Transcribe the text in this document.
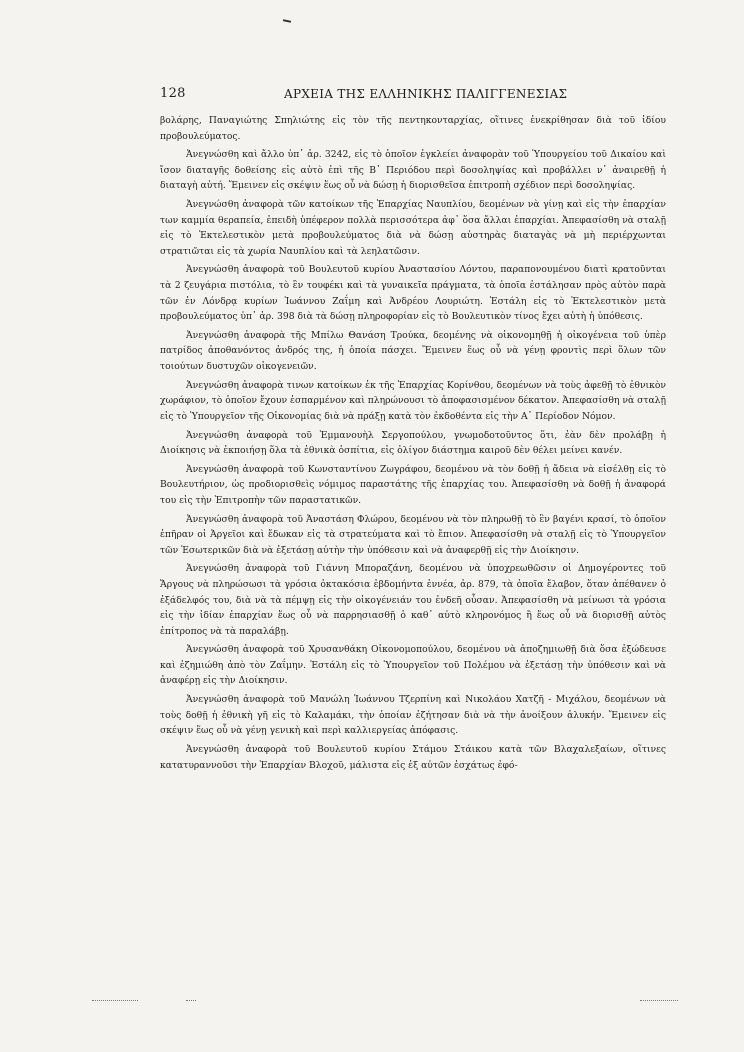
128	ΑΡΧΕΙΑ ΤΗΣ ΕΛΛΗΝΙΚΗΣ ΠΑΛΙΓΓΕΝΕΣΙΑΣ

βολάρης, Παναγιώτης Σπηλιώτης εἰς τὸν τῆς πεντηκονταρχίας, οἵτινες ἐνεκρίθησαν διὰ τοῦ ἰδίου προβουλεύματος.

Ἀνεγνώσθη καὶ ἄλλο ὑπ᾽ ἀρ. 3242, εἰς τὸ ὁποῖον ἐγκλείει ἀναφορὰν τοῦ Ὑπουργείου τοῦ Δικαίου καὶ ἴσον διαταγῆς δοθείσης εἰς αὐτὸ ἐπὶ τῆς Β᾽ Περιόδου περὶ δοσοληψίας καὶ προβάλλει ν᾽ ἀναιρεθῇ ἡ διαταγὴ αὐτή. Ἔμεινεν εἰς σκέψιν ἕως οὗ νὰ δώσῃ ἡ διορισθεῖσα ἐπιτροπὴ σχέδιον περὶ δοσοληψίας.

Ἀνεγνώσθη ἀναφορὰ τῶν κατοίκων τῆς Ἐπαρχίας Ναυπλίου, δεομένων νὰ γίνῃ καὶ εἰς τὴν ἐπαρχίαν των καμμία θεραπεία, ἐπειδὴ ὑπέφερον πολλὰ περισσότερα ἀφ᾽ ὅσα ἄλλαι ἐπαρχίαι. Ἀπεφασίσθη νὰ σταλῇ εἰς τὸ Ἐκτελεστικὸν μετὰ προβουλεύματος διὰ νὰ δώσῃ αὐστηρὰς διαταγὰς νὰ μὴ περιέρχωνται στρατιῶται εἰς τὰ χωρία Ναυπλίου καὶ τὰ λεηλατῶσιν.

Ἀνεγνώσθη ἀναφορὰ τοῦ Βουλευτοῦ κυρίου Ἀναστασίου Λόντου, παραπονουμένου διατὶ κρατοῦνται τὰ 2 ζευγάρια πιστόλια, τὸ ἓν τουφέκι καὶ τὰ γυναικεῖα πράγματα, τὰ ὁποῖα ἐστάλησαν πρὸς αὐτὸν παρὰ τῶν ἐν Λόνδρᾳ κυρίων Ἰωάννου Ζαΐμη καὶ Ἀνδρέου Λουριώτη. Ἐστάλη εἰς τὸ Ἐκτελεστικὸν μετὰ προβουλεύματος ὑπ᾽ ἀρ. 398 διὰ τὰ δώσῃ πληροφορίαν εἰς τὸ Βουλευτικὸν τίνος ἔχει αὐτὴ ἡ ὑπόθεσις.

Ἀνεγνώσθη ἀναφορὰ τῆς Μπίλω Θανάση Τρούκα, δεομένης νὰ οἰκονομηθῇ ἡ οἰκογένεια τοῦ ὑπὲρ πατρίδος ἀποθανόντος ἀνδρός της, ἡ ὁποία πάσχει. Ἔμεινεν ἕως οὗ νὰ γένῃ φροντὶς περὶ ὅλων τῶν τοιούτων δυστυχῶν οἰκογενειῶν.

Ἀνεγνώσθη ἀναφορὰ τινων κατοίκων ἐκ τῆς Ἐπαρχίας Κορίνθου, δεομένων νὰ τοὺς ἀφεθῇ τὸ ἐθνικὸν χωράφιον, τὸ ὁποῖον ἔχουν ἐσπαρμένον καὶ πληρώνουσι τὸ ἀποφασισμένον δέκατον. Ἀπεφασίσθη νὰ σταλῇ εἰς τὸ Ὑπουργεῖον τῆς Οἰκονομίας διὰ νὰ πράξῃ κατὰ τὸν ἐκδοθέντα εἰς τὴν Α᾽ Περίοδον Νόμον.

Ἀνεγνώσθη ἀναφορὰ τοῦ Ἐμμανουὴλ Σεργοπούλου, γνωμοδοτοῦντος ὅτι, ἐὰν δὲν προλάβῃ ἡ Διοίκησις νὰ ἐκποιήσῃ ὅλα τὰ ἐθνικὰ ὁσπίτια, εἰς ὀλίγον διάστημα καιροῦ δὲν θέλει μείνει κανέν.

Ἀνεγνώσθη ἀναφορὰ τοῦ Κωνσταντίνου Ζωγράφου, δεομένου νὰ τὸν δοθῇ ἡ ἄδεια νὰ εἰσέλθῃ εἰς τὸ Βουλευτήριον, ὡς προδιορισθεὶς νόμιμος παραστάτης τῆς ἐπαρχίας του. Ἀπεφασίσθη νὰ δοθῇ ἡ ἀναφορά του εἰς τὴν Ἐπιτροπὴν τῶν παραστατικῶν.

Ἀνεγνώσθη ἀναφορὰ τοῦ Ἀναστάση Φλώρου, δεομένου νὰ τὸν πληρωθῇ τὸ ἓν βαγένι κρασί, τὸ ὁποῖον ἐπῆραν οἱ Ἀργεῖοι καὶ ἔδωκαν εἰς τὰ στρατεύματα καὶ τὸ ἔπιον. Ἀπεφασίσθη νὰ σταλῇ εἰς τὸ Ὑπουργεῖον τῶν Ἐσωτερικῶν διὰ νὰ ἐξετάσῃ αὐτὴν τὴν ὑπόθεσιν καὶ νὰ ἀναφερθῇ εἰς τὴν Διοίκησιν.

Ἀνεγνώσθη ἀναφορὰ τοῦ Γιάννη Μποραζάνη, δεομένου νὰ ὑποχρεωθῶσιν οἱ Δημογέροντες τοῦ Ἄργους νὰ πληρώσωσι τὰ γρόσια ὀκτακόσια ἑβδομήντα ἐννέα, ἀρ. 879, τὰ ὁποῖα ἔλαβον, ὅταν ἀπέθανεν ὁ ἐξάδελφός του, διὰ νὰ τὰ πέμψῃ εἰς τὴν οἰκογένειάν του ἐνδεῆ οὖσαν. Ἀπεφασίσθη νὰ μείνωσι τὰ γρόσια εἰς τὴν ἰδίαν ἐπαρχίαν ἕως οὗ νὰ παρρησιασθῇ ὁ καθ᾽ αὐτὸ κληρονόμος ἢ ἕως οὗ νὰ διορισθῇ αὐτὸς ἐπίτροπος νὰ τὰ παραλάβῃ.

Ἀνεγνώσθη ἀναφορὰ τοῦ Χρυσανθάκη Οἰκονομοπούλου, δεομένου νὰ ἀποζημιωθῇ διὰ ὅσα ἐξώδευσε καὶ ἐζημιώθη ἀπὸ τὸν Ζαΐμην. Ἐστάλη εἰς τὸ Ὑπουργεῖον τοῦ Πολέμου νὰ ἐξετάσῃ τὴν ὑπόθεσιν καὶ νὰ ἀναφέρῃ εἰς τὴν Διοίκησιν.

Ἀνεγνώσθη ἀναφορὰ τοῦ Μανώλη Ἰωάννου Τζερπίνη καὶ Νικολάου Χατζῆ - Μιχάλου, δεομένων νὰ τοὺς δοθῇ ἡ ἐθνικὴ γῆ εἰς τὸ Καλαμάκι, τὴν ὁποίαν ἐζήτησαν διὰ νὰ τὴν ἀνοίξουν ἁλυκήν. Ἔμεινεν εἰς σκέψιν ἕως οὗ νὰ γένῃ γενικὴ καὶ περὶ καλλιεργείας ἀπόφασις.

Ἀνεγνώσθη ἀναφορὰ τοῦ Βουλευτοῦ κυρίου Στάμου Στάικου κατὰ τῶν Βλαχαλεξαίων, οἵτινες κατατυραννοῦσι τὴν Ἐπαρχίαν Βλοχοῦ, μάλιστα εἰς ἐξ αὐτῶν ἐσχάτως ἐφό-
